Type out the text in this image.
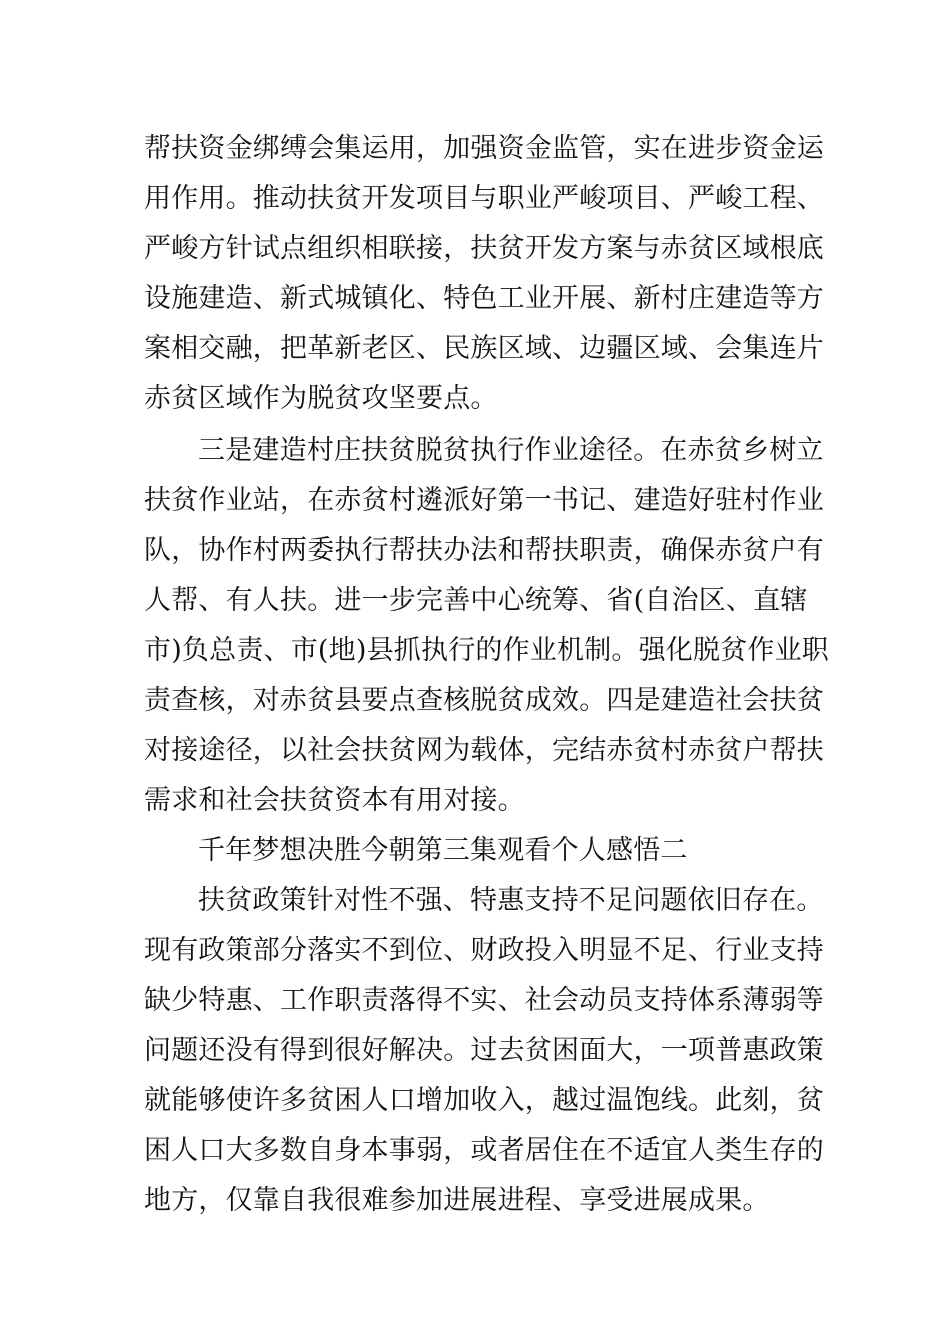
帮扶资金绑缚会集运用，加强资金监管，实在进步资金运
用作用。推动扶贫开发项目与职业严峻项目、严峻工程、
严峻方针试点组织相联接，扶贫开发方案与赤贫区域根底
设施建造、新式城镇化、特色工业开展、新村庄建造等方
案相交融，把革新老区、民族区域、边疆区域、会集连片
赤贫区域作为脱贫攻坚要点。
三是建造村庄扶贫脱贫执行作业途径。在赤贫乡树立
扶贫作业站，在赤贫村遴派好第一书记、建造好驻村作业
队，协作村两委执行帮扶办法和帮扶职责，确保赤贫户有
人帮、有人扶。进一步完善中心统筹、省(自治区、直辖
市)负总责、市(地)县抓执行的作业机制。强化脱贫作业职
责查核，对赤贫县要点查核脱贫成效。四是建造社会扶贫
对接途径，以社会扶贫网为载体，完结赤贫村赤贫户帮扶
需求和社会扶贫资本有用对接。
千年梦想决胜今朝第三集观看个人感悟二
扶贫政策针对性不强、特惠支持不足问题依旧存在。
现有政策部分落实不到位、财政投入明显不足、行业支持
缺少特惠、工作职责落得不实、社会动员支持体系薄弱等
问题还没有得到很好解决。过去贫困面大，一项普惠政策
就能够使许多贫困人口增加收入，越过温饱线。此刻，贫
困人口大多数自身本事弱，或者居住在不适宜人类生存的
地方，仅靠自我很难参加进展进程、享受进展成果。
